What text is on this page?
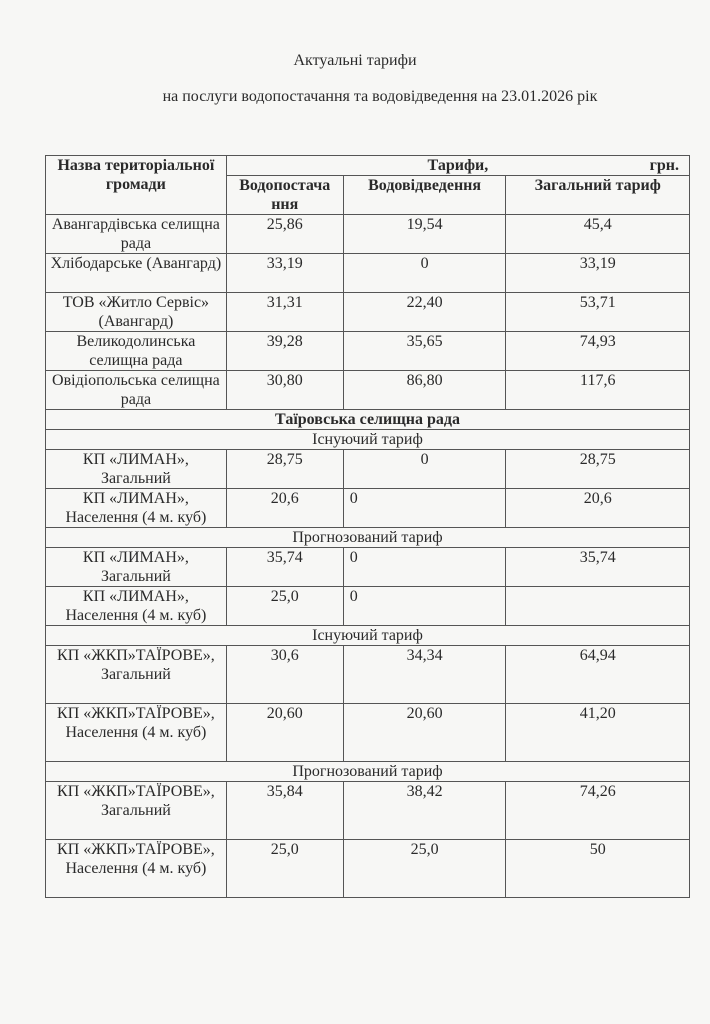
Актуальні тарифи
на послуги водопостачання та водовідведення на 23.01.2026 рік
Назва територіальної громади	Тарифи, грн.		

	Водопостача ння	Водовідведення	Загальний тариф
Авангардівська селищна рада	25,86	19,54	45,4
Хлібодарське (Авангард)	33,19	0	33,19
ТОВ «Житло Сервіс» (Авангард)	31,31	22,40	53,71
Великодолинська селищна рада	39,28	35,65	74,93
Овідіопольська селищна рада	30,80	86,80	117,6
Таїровська селищна рада			
Існуючий тариф			
КП «ЛИМАН», Загальний	28,75	0	28,75
КП «ЛИМАН», Населення (4 м. куб)	20,6	0	20,6
Прогнозований тариф			
КП «ЛИМАН», Загальний	35,74	0	35,74
КП «ЛИМАН», Населення (4 м. куб)	25,0	0	
Існуючий тариф			
КП «ЖКП»ТАЇРОВЕ», Загальний	30,6	34,34	64,94
КП «ЖКП»ТАЇРОВЕ», Населення (4 м. куб)	20,60	20,60	41,20
Прогнозований тариф			
КП «ЖКП»ТАЇРОВЕ», Загальний	35,84	38,42	74,26
КП «ЖКП»ТАЇРОВЕ», Населення (4 м. куб)	25,0	25,0	50
